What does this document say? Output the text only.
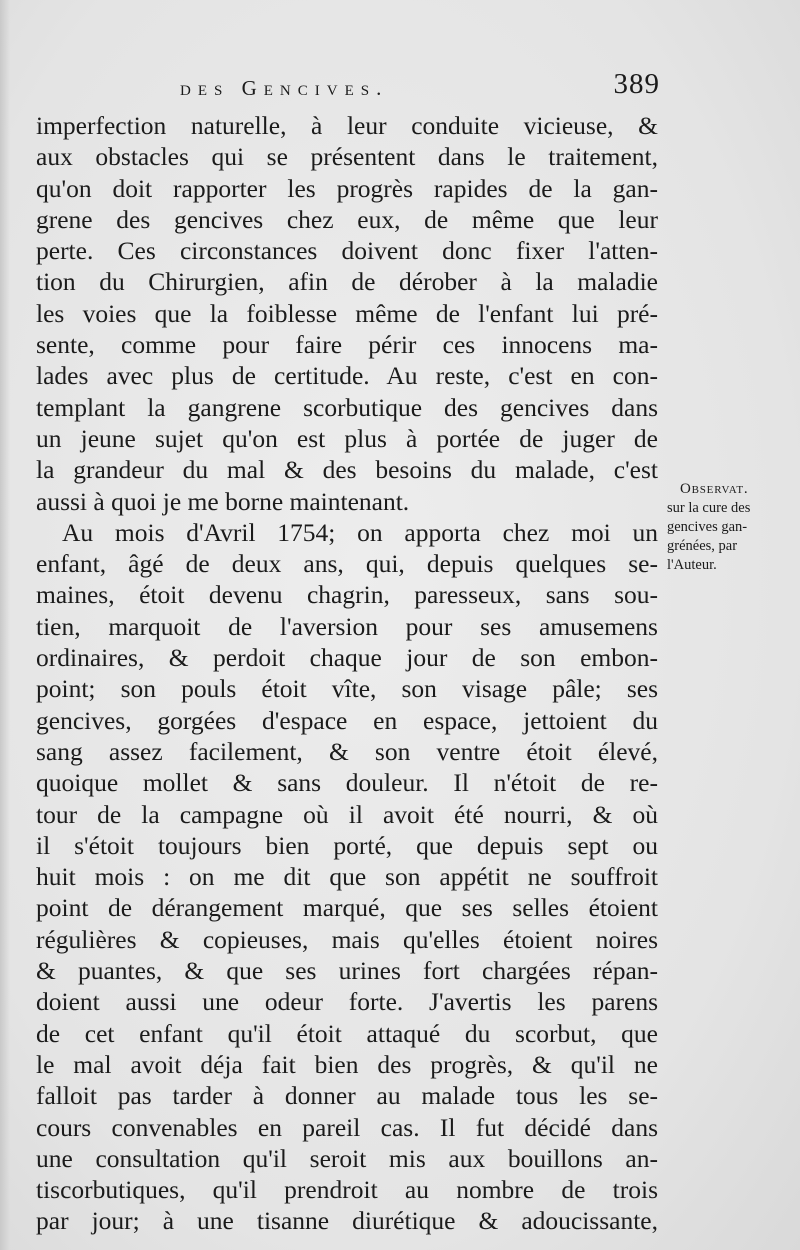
des Gencives.	389
imperfection naturelle, à leur conduite vicieuse, &
aux obstacles qui se présentent dans le traitement,
qu'on doit rapporter les progrès rapides de la gan-
grene des gencives chez eux, de même que leur
perte. Ces circonstances doivent donc fixer l'atten-
tion du Chirurgien, afin de dérober à la maladie
les voies que la foiblesse même de l'enfant lui pré-
sente, comme pour faire périr ces innocens ma-
lades avec plus de certitude. Au reste, c'est en con-
templant la gangrene scorbutique des gencives dans
un jeune sujet qu'on est plus à portée de juger de
la grandeur du mal & des besoins du malade, c'est
aussi à quoi je me borne maintenant.
Au mois d'Avril 1754; on apporta chez moi un
enfant, âgé de deux ans, qui, depuis quelques se-
maines, étoit devenu chagrin, paresseux, sans sou-
tien, marquoit de l'aversion pour ses amusemens
ordinaires, & perdoit chaque jour de son embon-
point; son pouls étoit vîte, son visage pâle; ses
gencives, gorgées d'espace en espace, jettoient du
sang assez facilement, & son ventre étoit élevé,
quoique mollet & sans douleur. Il n'étoit de re-
tour de la campagne où il avoit été nourri, & où
il s'étoit toujours bien porté, que depuis sept ou
huit mois : on me dit que son appétit ne souffroit
point de dérangement marqué, que ses selles étoient
régulières & copieuses, mais qu'elles étoient noires
& puantes, & que ses urines fort chargées répan-
doient aussi une odeur forte. J'avertis les parens
de cet enfant qu'il étoit attaqué du scorbut, que
le mal avoit déja fait bien des progrès, & qu'il ne
falloit pas tarder à donner au malade tous les se-
cours convenables en pareil cas. Il fut décidé dans
une consultation qu'il seroit mis aux bouillons an-
tiscorbutiques, qu'il prendroit au nombre de trois
par jour; à une tisanne diurétique & adoucissante,
Observat.
sur la cure des
gencives gan-
grénées, par
l'Auteur.
